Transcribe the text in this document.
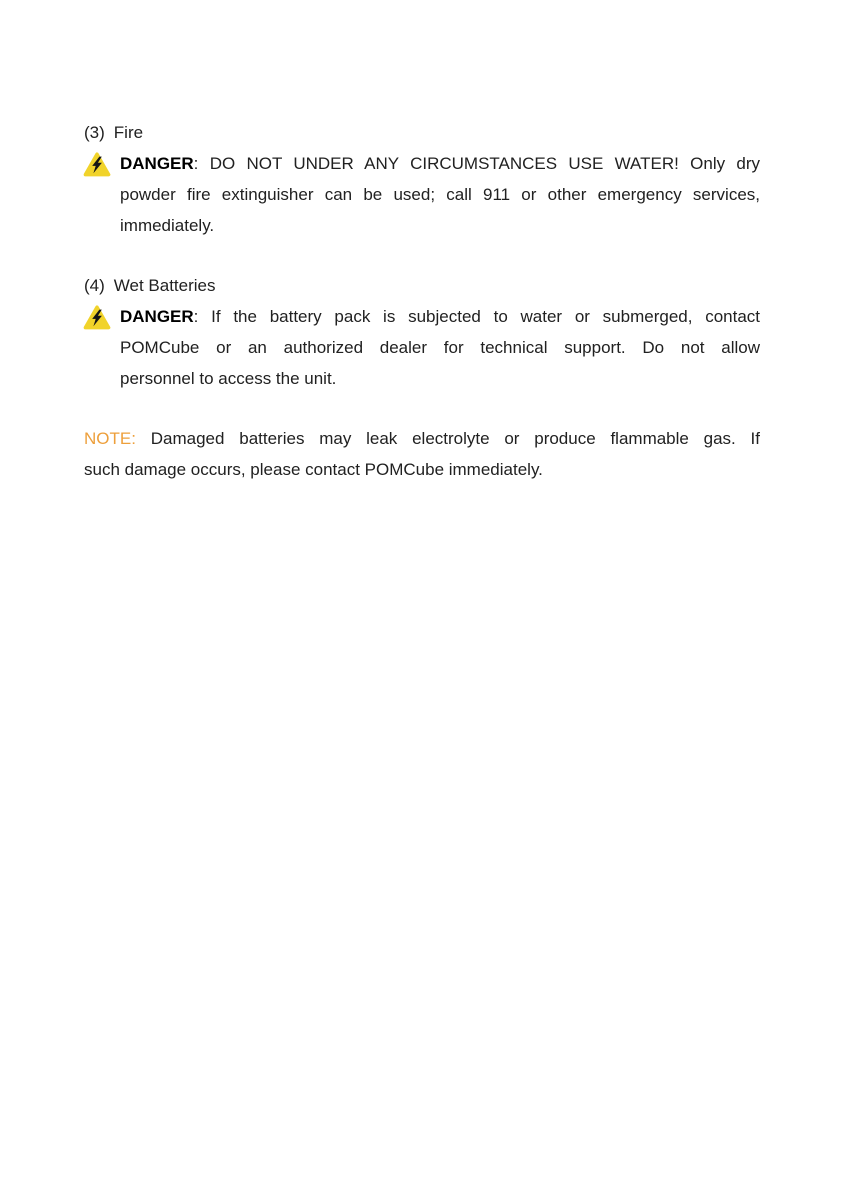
(3) Fire
DANGER: DO NOT UNDER ANY CIRCUMSTANCES USE WATER! Only dry
powder fire extinguisher can be used; call 911 or other emergency services,
immediately.
(4) Wet Batteries
DANGER: If the battery pack is subjected to water or submerged, contact
POMCube or an authorized dealer for technical support. Do not allow
personnel to access the unit.
NOTE: Damaged batteries may leak electrolyte or produce flammable gas. If
such damage occurs, please contact POMCube immediately.
